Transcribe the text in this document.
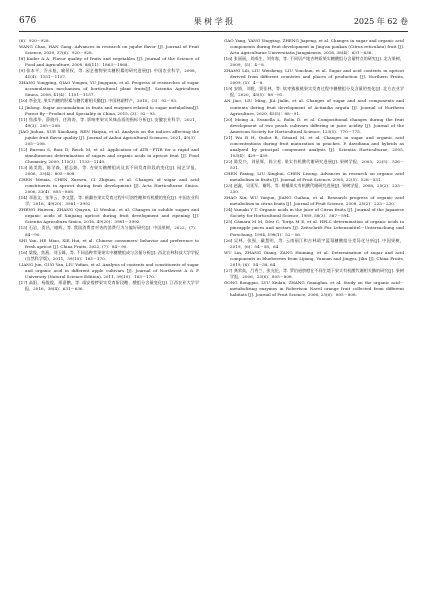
676	果 树 学 报	2025 年 62 卷

(6)：920－928.

WANG Chao, HAN Gang. Advances in research on jujube flavor [J]. Journal of Fruit Science, 2020, 37(6)：920－928.

[8] Kader A A. Flavor quality of fruits and vegetables [J]. Journal of the Science of Food and Agriculture, 2008, 88(11)：1863－1868.

[9] 张本平，乔永旭，喻景权，等. 园艺植物果实糖积累的研究进展[J]. 中国农业科学，2008，41(4)：1151－1157.

ZHANG Yongping, QIAO Yongxu, YU Jingquan, et al. Progress of researches of sugar accumulation mechanism of horticultural plant fruits[J]. Scientia Agricultura Sinica, 2008, 41(4)：1151－1157.

[10] 李金龙. 果实内糖的积累与糖代谢相关酶[J]. 中国林副特产，2015，(3)：92－93.

LI Jinlong. Sugar accumulation in fruits and enzymes related to sugar metabolism[J]. Forest By－Product and Speciality in China, 2015, (3)：92－93.

[11] 焦邵华，薛晓丹，任海涛，等. 影响枣果实风味品质的指标分析[J]. 安徽农业科学，2021，49(3)：205－208.

JIAO Jinhua, XUE Xiaoliang, REN Haiyan, et al. Analysis on the indices affecting the jujube fruit flavor quality [J]. Journal of Anhui Agricultural Sciences, 2021, 49(3)：205－208.

[12] Bureau S, Ruiz D, Reich M, et al. Application of ATR－FTIR for a rapid and simultaneous determination of sugars and organic acids in apricot fruit [J]. Food Chemistry, 2009, 115(3)：1133－1140.

[13] 陈美霞，陈学森，慈志娟，等. 杏果实糖酸组成及其不同发育阶段的变化[J]. 园艺学报，2006，33(4)：805－808.

CHEN Meixia, CHEN Xuesen, CI Zhijuan, et al. Changes of sugar and acid constituents in apricot during fruit development [J]. Acta Horticulturae Sinica, 2006, 33(4)：805－808.

[14] 邓嘉文，张华云，李文慧，等. 新疆杏果实发育过程中可溶性糖和有机酸的变化[J]. 中国农业科学，2016，49(20)：3981－3992.

ZHENG Huiwen, ZHANG Qiuyun, LI Wenhui, et al. Changes in soluble sugars and organic acids of Xinjiang apricot during fruit development and ripening [J]. Scientia Agricultura Sinica, 2016, 49(20)：3981－3992.

[15] 石岩，贺昌，谢辉，等. 我国消费者对杏的消费行为与偏好研究[J]. 中国果树，2022，(7)：84－90.

SHI Yan, HE Miao, XIE Hui, et al. Chinese consumers' behavior and preference to fresh apricot [J]. China Fruits, 2022, (7)：84－90.

[16] 梁俊，焦燕，刘玉峰，等. 不同品种苹果果实中糖酸组成与含量分析[J]. 西北农林科技大学学报(自然科学版)，2011，39(10)：163－170.

LIANG Jun, GUO Yan, LIU Yufian, et al. Analysis of contents and constituents of sugar and organic acid in different apple cultivars [J]. Journal of Northwest A & F University (Natural Science Edition), 2011, 39(10)：163－170.

[17] 高阳，杨俊俊，邢嘉鹏，等. 靖安梭椤果实发育阶段糖、酸组分含量变化[J]. 江西农业大学学报，2016，38(4)：631－636.

GAO Yang, YANG Yingying, ZHENG Jiapeng, et al. Changes in sugar and organic acid components during fruit development in Jing'an ponkan (Citrus reticulata) fruit [J]. Acta Agriculturae Universitatis Jiangxiensis, 2016, 38(4)：631－636.

[18] 张丽丽，刘威生，刘有春，等. 不同居产地杏种质果实糖酸组分含量特点的研究[J]. 北方果树，2009，(5)：4－8.

ZHANG Lili, LIU Weisheng, LIU Youchun, et al. Sugar and acid contents in apricot derived from different countries and places of production [J]. Northern Fruits, 2009, (5)：4－8.

[19] 安娇，刘乾，贾佳林，等. 软枣猕猴桃果实发育过程中糖酸组分及含量的变化[J]. 北方农业学报，2020，45(5)：88－91.

AN Jiao, LIU Ming, JIA Jialin, et al. Changes of sugar and acid components and contents during fruit development of Actinidia arguta [J]. Journal of Northern Agriculture, 2020, 45(5)：88－91.

[20] Moing A, Svanella L, Rolin D, et al. Compositional changes during the fruit development of two peach cultivars differing in juice acidity [J]. Journal of the American Society for Horticultural Science, 123(5)：770－775.

[21] Wu B H, Quilot B, Génard M, et al. Changes in sugar and organic acid concentrations during fruit maturation in peaches, P. davidiana and hybrids as analyzed by principal component analysis [J]. Scientia Horticulturae, 2005, 103(4)：429－439.

[22] 陈发兴，刘星辉，陈立松. 果实有机酸代谢研究进展[J]. 果树学报，2005，22(5)：526－531.

CHEN Faxing, LIU Xinghui, CHEN Lisong. Advances in research on organic acid metabolism in fruits [J]. Journal of Fruit Science, 2005, 22(5)：526－531.

[23] 赵鑫，吴延军，谢鸣，等. 柑橘果实有机酸代谢研究进展[J]. 果树学报，2008，25(2)：225－230.

ZHAO Xin, WU Yanjun, JIANG Guihua, et al. Research progress of organic acid metabolism in citrus fruits [J]. Journal of Fruit Science, 2008, 25(2)：225－230.

[24] Yamaki Y T. Organic acids in the juice of Citrus fruits [J]. Journal of the Japanese Society for Horticultural Science, 1989, 58(3)：587－594.

[25] Cámara M M, Díez C, Torija M E, et al. HPLC determination of organic acids in pineapple juices and nectars [J]. Zeitschrift Für Lebensmittel－Untersuchung und Forschung, 1994, 198(1)：52－56.

[26] 吴林，张强，戴慧明，等. 云南丽江和吉林靖宇蓝莓糖酸组分差异化分析[J]. 中国果树，2019，(6)：54－58，64.

WU Lin, ZHANG Qiang, ZANG Huiming, et al. Determination of sugar and acid components in blueberries from Lijiang, Yunnan and Jingyu, Jilin [J]. China Fruits, 2019, (6)：54－58, 64.

[27] 龚荣高，吕秀兰，张光伦，等. 罗伯逊脐橙在不同生境下果实有机酸代谢相关酶的研究[J]. 果树学报，2006，23(6)：805－808.

GONG Ronggao, LYU Xiulan, ZHANG Guanglun, et al. Study on the organic acid－metabolizing enzymes in Robertson Navel orange fruit collected from different habitats [J]. Journal of Fruit Science, 2006, 23(6)：805－808.
